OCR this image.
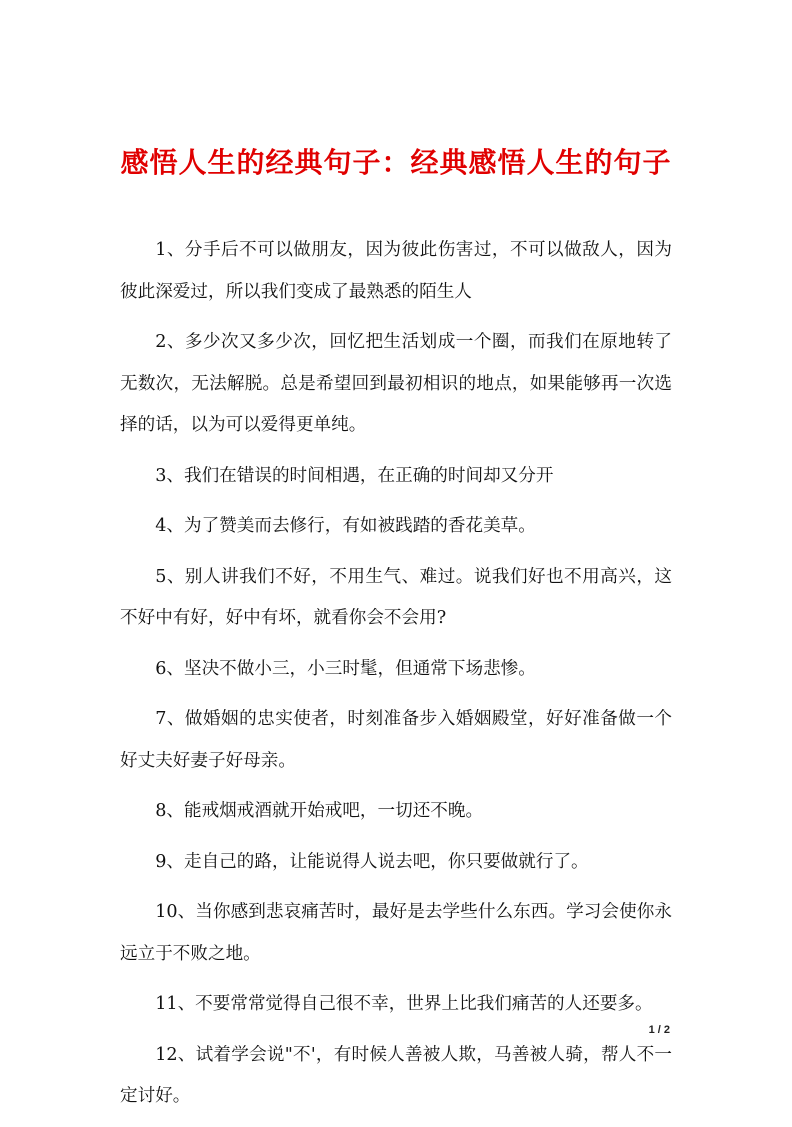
感悟人生的经典句子：经典感悟人生的句子

1、分手后不可以做朋友，因为彼此伤害过，不可以做敌人，因为彼此深爱过，所以我们变成了最熟悉的陌生人

2、多少次又多少次，回忆把生活划成一个圈，而我们在原地转了无数次，无法解脱。总是希望回到最初相识的地点，如果能够再一次选择的话，以为可以爱得更单纯。

3、我们在错误的时间相遇，在正确的时间却又分开

4、为了赞美而去修行，有如被践踏的香花美草。

5、别人讲我们不好，不用生气、难过。说我们好也不用高兴，这不好中有好，好中有坏，就看你会不会用?

6、坚决不做小三，小三时髦，但通常下场悲惨。

7、做婚姻的忠实使者，时刻准备步入婚姻殿堂，好好准备做一个好丈夫好妻子好母亲。

8、能戒烟戒酒就开始戒吧，一切还不晚。

9、走自己的路，让能说得人说去吧，你只要做就行了。

10、当你感到悲哀痛苦时，最好是去学些什么东西。学习会使你永远立于不败之地。

11、不要常常觉得自己很不幸，世界上比我们痛苦的人还要多。

12、试着学会说"不'，有时候人善被人欺，马善被人骑，帮人不一定讨好。

1 / 2
